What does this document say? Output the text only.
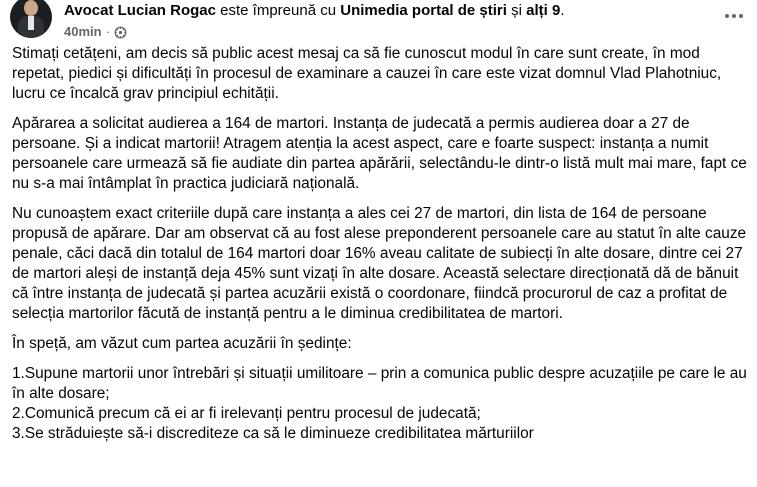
Avocat Lucian Rogac este împreună cu Unimedia portal de știri și alți 9.
40min ·

Stimați cetățeni, am decis să public acest mesaj ca să fie cunoscut modul în care sunt create, în mod repetat, piedici și dificultăți în procesul de examinare a cauzei în care este vizat domnul Vlad Plahotniuc, lucru ce încalcă grav principiul echității.

Apărarea a solicitat audierea a 164 de martori. Instanța de judecată a permis audierea doar a 27 de persoane. Și a indicat martorii! Atragem atenția la acest aspect, care e foarte suspect: instanța a numit persoanele care urmează să fie audiate din partea apărării, selectându-le dintr-o listă mult mai mare, fapt ce nu s-a mai întâmplat în practica judiciară națională.

Nu cunoaștem exact criteriile după care instanța a ales cei 27 de martori, din lista de 164 de persoane propusă de apărare. Dar am observat că au fost alese preponderent persoanele care au statut în alte cauze penale, căci dacă din totalul de 164 martori doar 16% aveau calitate de subiecți în alte dosare, dintre cei 27 de martori aleși de instanță deja 45% sunt vizați în alte dosare. Această selectare direcționată dă de bănuit că între instanța de judecată și partea acuzării există o coordonare, fiindcă procurorul de caz a profitat de selecția martorilor făcută de instanță pentru a le diminua credibilitatea de martori.

În speță, am văzut cum partea acuzării în ședințe:

1.Supune martorii unor întrebări și situații umilitoare – prin a comunica public despre acuzațiile pe care le au în alte dosare;

2.Comunică precum că ei ar fi irelevanți pentru procesul de judecată;

3.Se străduiește să-i discrediteze ca să le diminueze credibilitatea mărturiilor
